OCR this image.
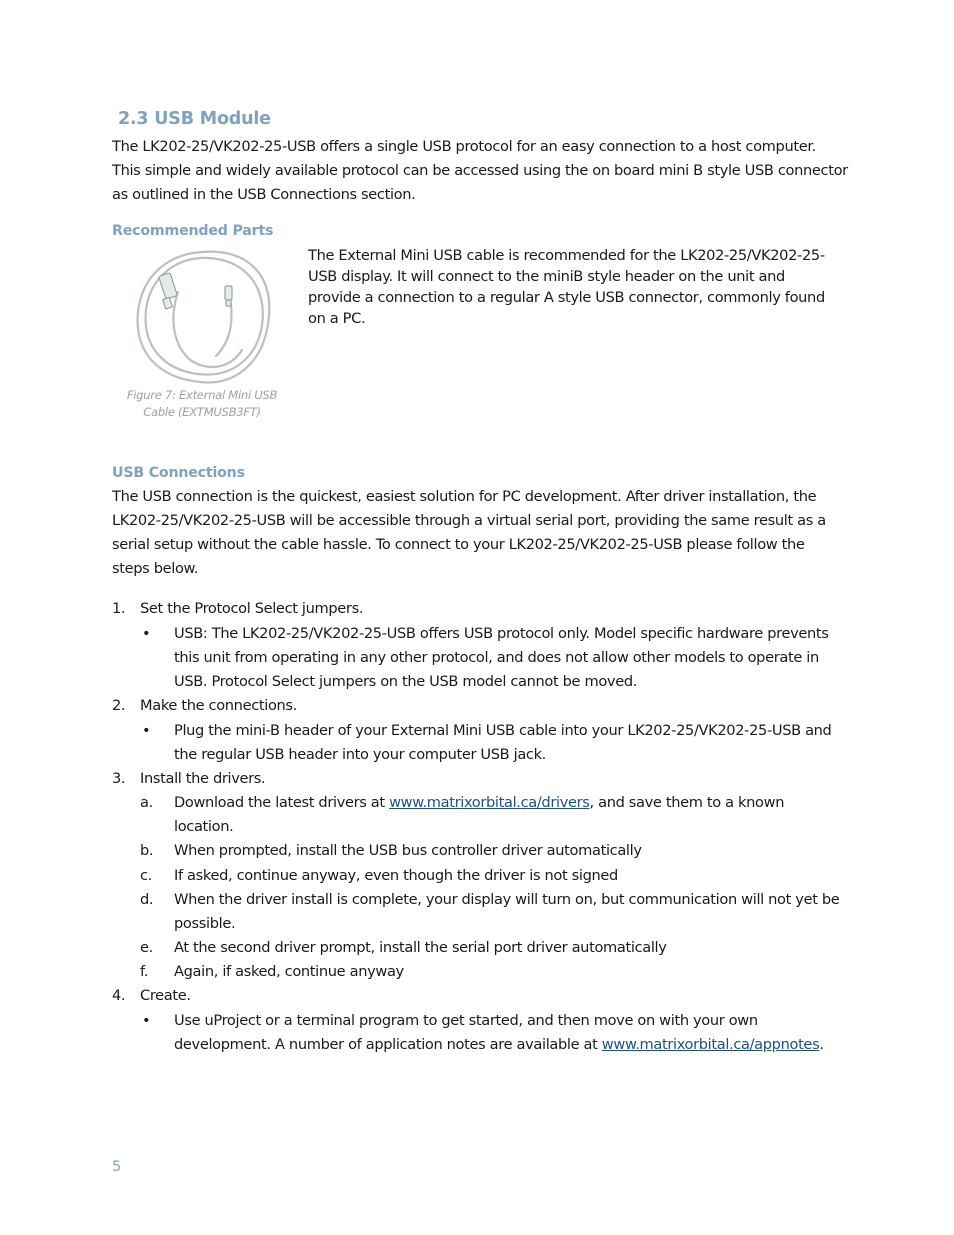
2.3 USB Module
The LK202-25/VK202-25-USB offers a single USB protocol for an easy connection to a host computer.
This simple and widely available protocol can be accessed using the on board mini B style USB connector
as outlined in the USB Connections section.
Recommended Parts
Figure 7: External Mini USB
Cable (EXTMUSB3FT)
The External Mini USB cable is recommended for the LK202-25/VK202-25-
USB display. It will connect to the miniB style header on the unit and
provide a connection to a regular A style USB connector, commonly found
on a PC.
USB Connections
The USB connection is the quickest, easiest solution for PC development. After driver installation, the
LK202-25/VK202-25-USB will be accessible through a virtual serial port, providing the same result as a
serial setup without the cable hassle. To connect to your LK202-25/VK202-25-USB please follow the
steps below.
1. Set the Protocol Select jumpers.
• USB: The LK202-25/VK202-25-USB offers USB protocol only. Model specific hardware prevents
this unit from operating in any other protocol, and does not allow other models to operate in
USB. Protocol Select jumpers on the USB model cannot be moved.
2. Make the connections.
• Plug the mini-B header of your External Mini USB cable into your LK202-25/VK202-25-USB and
the regular USB header into your computer USB jack.
3. Install the drivers.
a. Download the latest drivers at www.matrixorbital.ca/drivers, and save them to a known
location.
b. When prompted, install the USB bus controller driver automatically
c. If asked, continue anyway, even though the driver is not signed
d. When the driver install is complete, your display will turn on, but communication will not yet be
possible.
e. At the second driver prompt, install the serial port driver automatically
f. Again, if asked, continue anyway
4. Create.
• Use uProject or a terminal program to get started, and then move on with your own
development. A number of application notes are available at www.matrixorbital.ca/appnotes.
5
